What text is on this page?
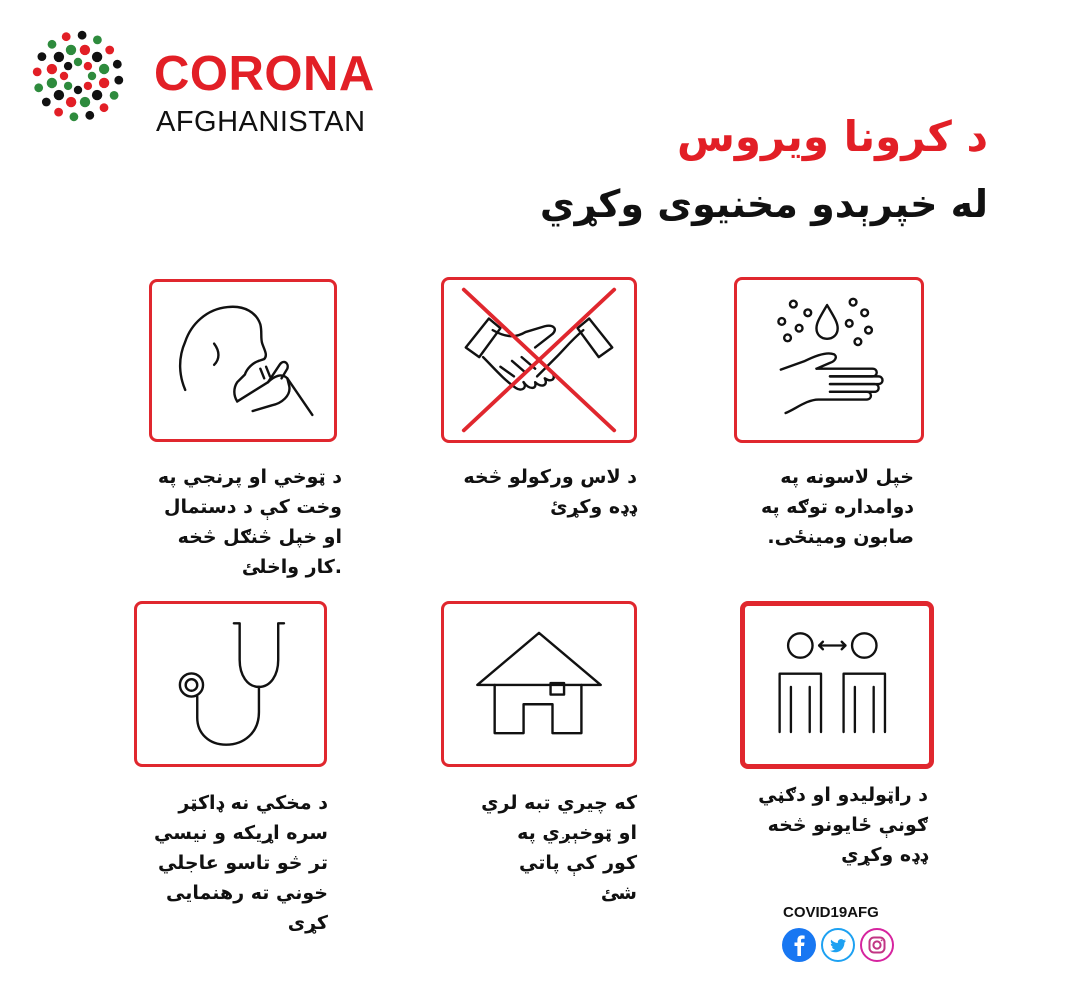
CORONA
AFGHANISTAN	د کرونا ویروس
له خپرېدو مخنیوی وکړي
خپل لاسونه په
دوامداره توګه په
صابون ومینځی.
د لاس ورکولو څخه
ډډه وکړئ
د ټوخي او پرنجي په
وخت کې د دستمال
او خپل څنګل څخه
.کار واخلئ
د راټولیدو او دګڼي
ګونې ځایونو څخه
ډډه وکړي
که چیري تبه لري
او ټوخېږي په
کور کې پاتي
شئ
د مخکي نه ډاکټر
سره اړیکه و نیسي
تر څو تاسو عاجلي
خوني ته رهنمایی
کړی	COVID19AFG
